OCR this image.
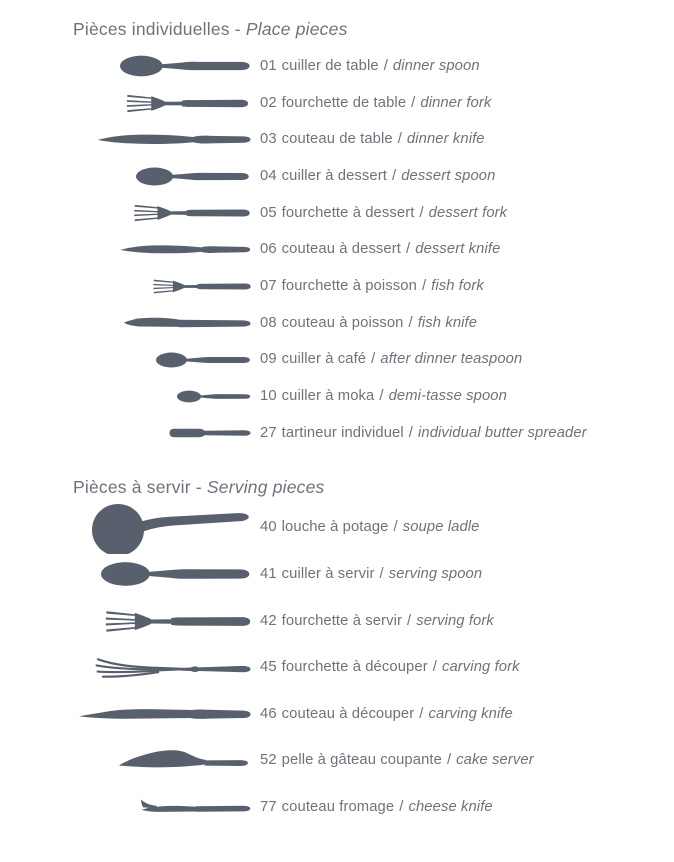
Pièces individuelles - Place pieces
01 cuiller de table / dinner spoon
02 fourchette de table / dinner fork
03 couteau de table / dinner knife
04 cuiller à dessert / dessert spoon
05 fourchette à dessert / dessert fork
06 couteau à dessert / dessert knife
07 fourchette à poisson / fish fork
08 couteau à poisson / fish knife
09 cuiller à café / after dinner teaspoon
10 cuiller à moka / demi-tasse spoon
27 tartineur individuel / individual butter spreader
Pièces à servir - Serving pieces
40 louche à potage / soupe ladle
41 cuiller à servir / serving spoon
42 fourchette à servir / serving fork
45 fourchette à découper / carving fork
46 couteau à découper / carving knife
52 pelle à gâteau coupante / cake server
77 couteau fromage / cheese knife
